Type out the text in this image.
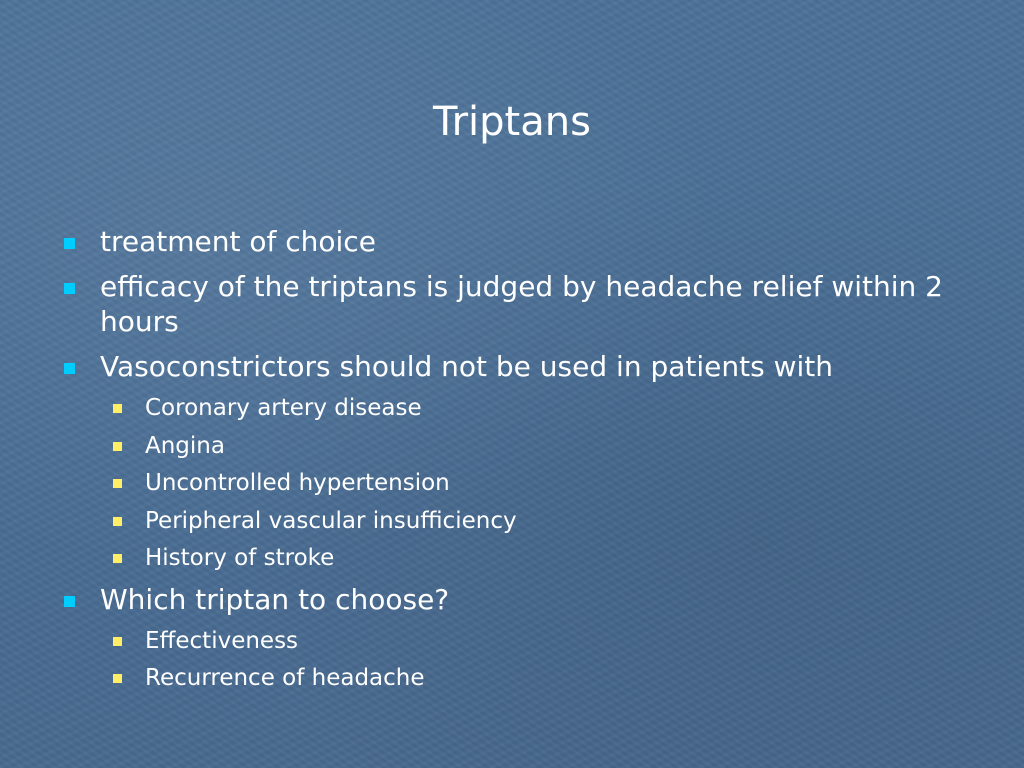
Triptans
treatment of choice
efficacy of the triptans is judged by headache relief within 2 hours
Vasoconstrictors should not be used in patients with
Coronary artery disease
Angina
Uncontrolled hypertension
Peripheral vascular insufficiency
History of stroke
Which triptan to choose?
Effectiveness
Recurrence of headache
